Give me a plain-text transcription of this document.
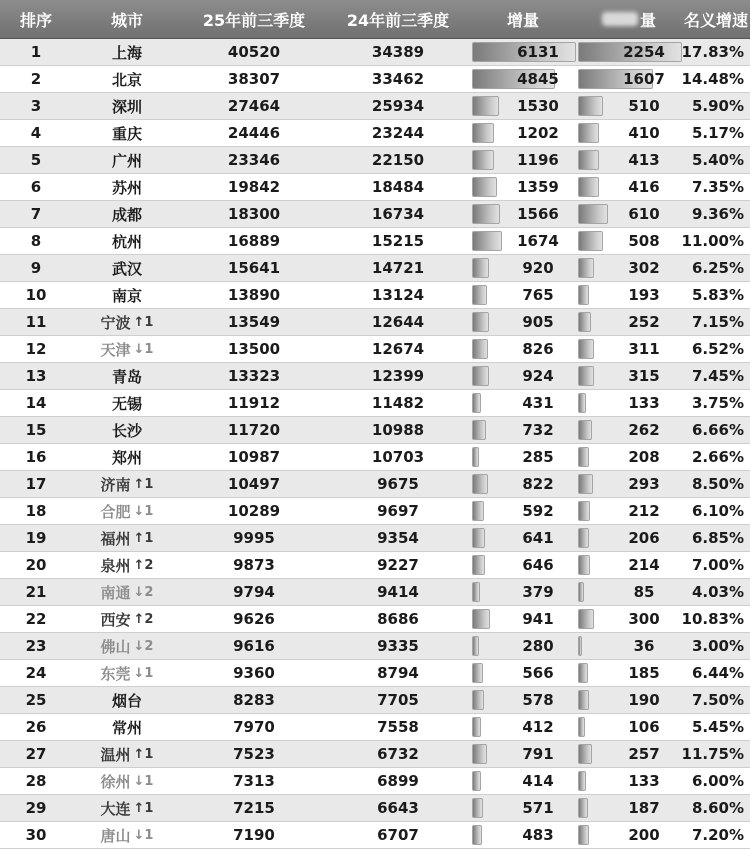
排序	城市	25年前三季度	24年前三季度	增量	量 名义增速
1	上海	40520	34389	6131	2254 17.83%
2	北京	38307	33462	4845	1607 14.48%
3	深圳	27464	25934	1530	510	5.90%
4	重庆	24446	23244	1202	410	5.17%
5	广州	23346	22150	1196	413	5.40%
6	苏州	19842	18484	1359	416	7.35%
7	成都	18300	16734	1566	610	9.36%
8	杭州	16889	15215	1674	508 11.00%
9	武汉	15641	14721	920	302	6.25%
10	南京	13890	13124	765	193	5.83%
11	宁波 ↑1	13549	12644	905	252	7.15%
12	天津 ↓1	13500	12674	826	311	6.52%
13	青岛	13323	12399	924	315	7.45%
14	无锡	11912	11482	431	133	3.75%
15	长沙	11720	10988	732	262	6.66%
16	郑州	10987	10703	285	208	2.66%
17	济南 ↑1	10497	9675	822	293	8.50%
18	合肥 ↓1	10289	9697	592	212	6.10%
19	福州 ↑1	9995	9354	641	206	6.85%
20	泉州 ↑2	9873	9227	646	214	7.00%
21	南通 ↓2	9794	9414	379	85	4.03%
22	西安 ↑2	9626	8686	941	300 10.83%
23	佛山 ↓2	9616	9335	280	36	3.00%
24	东莞 ↓1	9360	8794	566	185	6.44%
25	烟台	8283	7705	578	190	7.50%
26	常州	7970	7558	412	106	5.45%
27	温州 ↑1	7523	6732	791	257 11.75%
28	徐州 ↓1	7313	6899	414	133	6.00%
29	大连 ↑1	7215	6643	571	187	8.60%
30	唐山 ↓1	7190	6707	483	200	7.20%
